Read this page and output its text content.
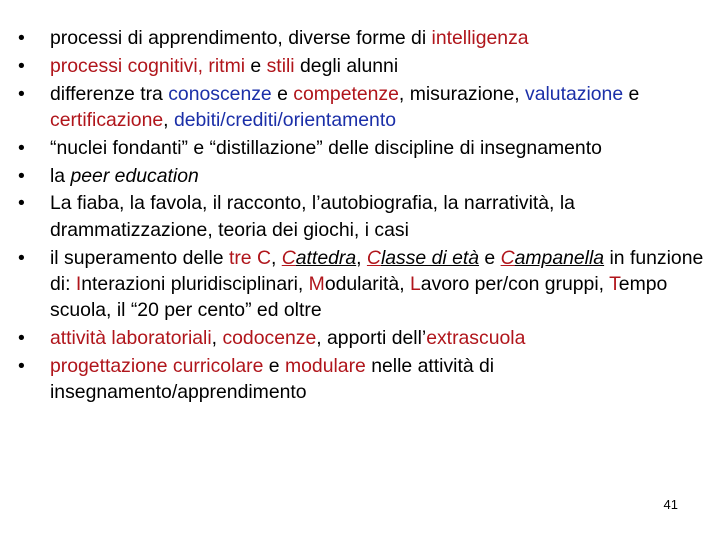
•	processi di apprendimento, diverse forme di intelligenza
•	processi cognitivi, ritmi e stili degli alunni
•	differenze tra conoscenze e competenze, misurazione, valutazione e certificazione, debiti/crediti/orientamento
•	“nuclei fondanti” e “distillazione” delle discipline di insegnamento
•	la peer education
•	La fiaba, la favola, il racconto, l’autobiografia, la narratività, la drammatizzazione, teoria dei giochi, i casi
•	il superamento delle tre C, Cattedra, Classe di età e Campanella in funzione di: Interazioni pluridisciplinari, Modularità, Lavoro per/con gruppi, Tempo scuola, il “20 per cento” ed oltre
•	attività laboratoriali, codocenze, apporti dell’extrascuola
•	progettazione curricolare e modulare nelle attività di insegnamento/apprendimento
41
